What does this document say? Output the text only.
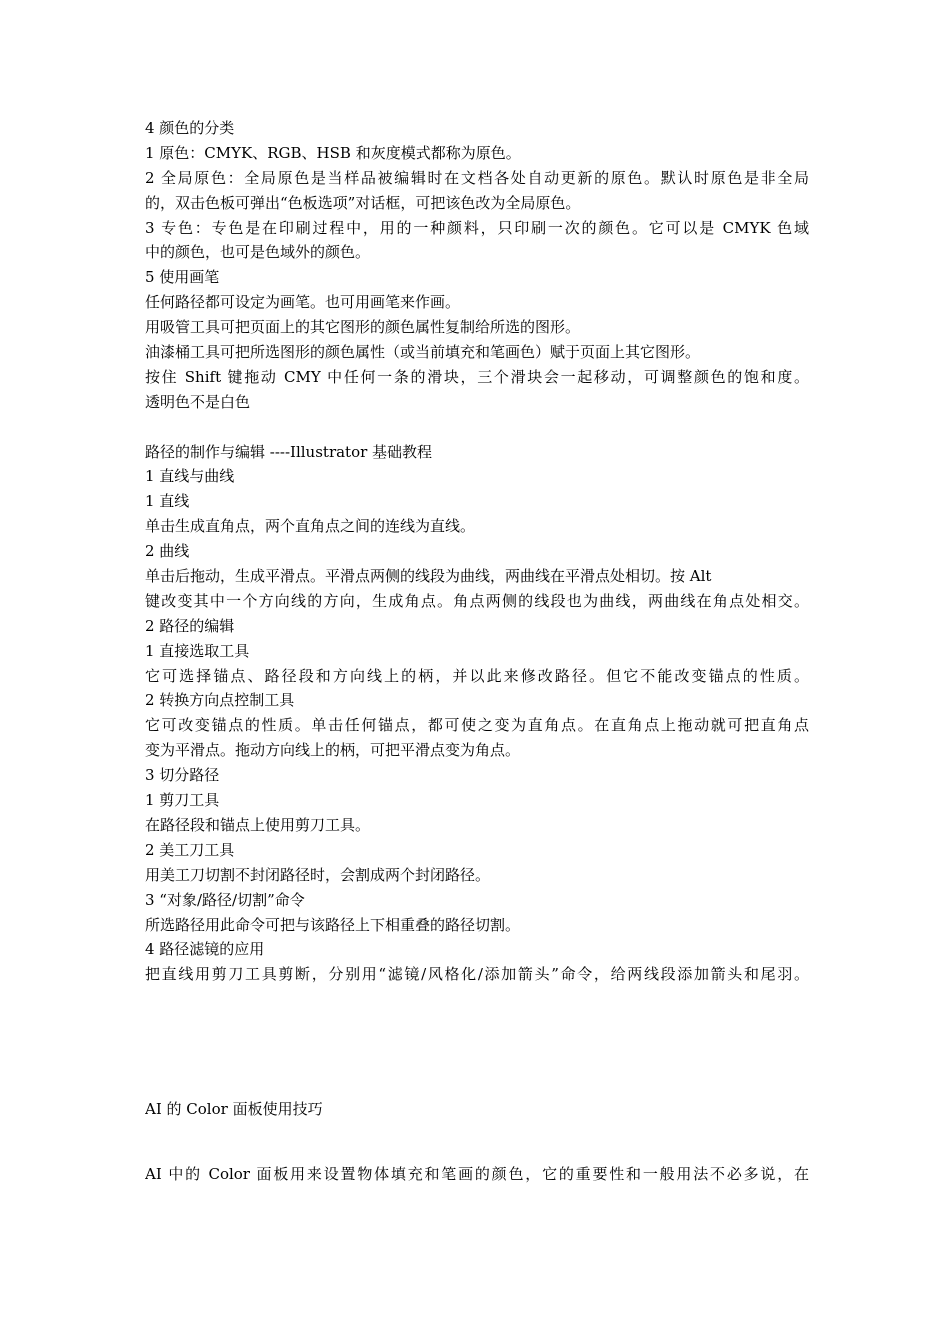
4 颜色的分类
1 原色：CMYK、RGB、HSB 和灰度模式都称为原色。
2 全局原色：全局原色是当样品被编辑时在文档各处自动更新的原色。默认时原色是非全局
的，双击色板可弹出“色板选项”对话框，可把该色改为全局原色。
3 专色：专色是在印刷过程中，用的一种颜料，只印刷一次的颜色。它可以是 CMYK 色域
中的颜色，也可是色域外的颜色。
5 使用画笔
任何路径都可设定为画笔。也可用画笔来作画。
用吸管工具可把页面上的其它图形的颜色属性复制给所选的图形。
油漆桶工具可把所选图形的颜色属性（或当前填充和笔画色）赋于页面上其它图形。
按住 Shift 键拖动 CMY 中任何一条的滑块，三个滑块会一起移动，可调整颜色的饱和度。
透明色不是白色
路径的制作与编辑 ----Illustrator 基础教程
1 直线与曲线
1 直线
单击生成直角点，两个直角点之间的连线为直线。
2 曲线
单击后拖动，生成平滑点。平滑点两侧的线段为曲线，两曲线在平滑点处相切。按 Alt
键改变其中一个方向线的方向，生成角点。角点两侧的线段也为曲线，两曲线在角点处相交。
2 路径的编辑
1 直接选取工具
它可选择锚点、路径段和方向线上的柄，并以此来修改路径。但它不能改变锚点的性质。
2 转换方向点控制工具
它可改变锚点的性质。单击任何锚点，都可使之变为直角点。在直角点上拖动就可把直角点
变为平滑点。拖动方向线上的柄，可把平滑点变为角点。
3 切分路径
1 剪刀工具
在路径段和锚点上使用剪刀工具。
2 美工刀工具
用美工刀切割不封闭路径时，会割成两个封闭路径。
3 “对象/路径/切割”命令
所选路径用此命令可把与该路径上下相重叠的路径切割。
4 路径滤镜的应用
把直线用剪刀工具剪断，分别用“滤镜/风格化/添加箭头”命令，给两线段添加箭头和尾羽。
AI 的 Color 面板使用技巧
AI 中的 Color 面板用来设置物体填充和笔画的颜色，它的重要性和一般用法不必多说，在
